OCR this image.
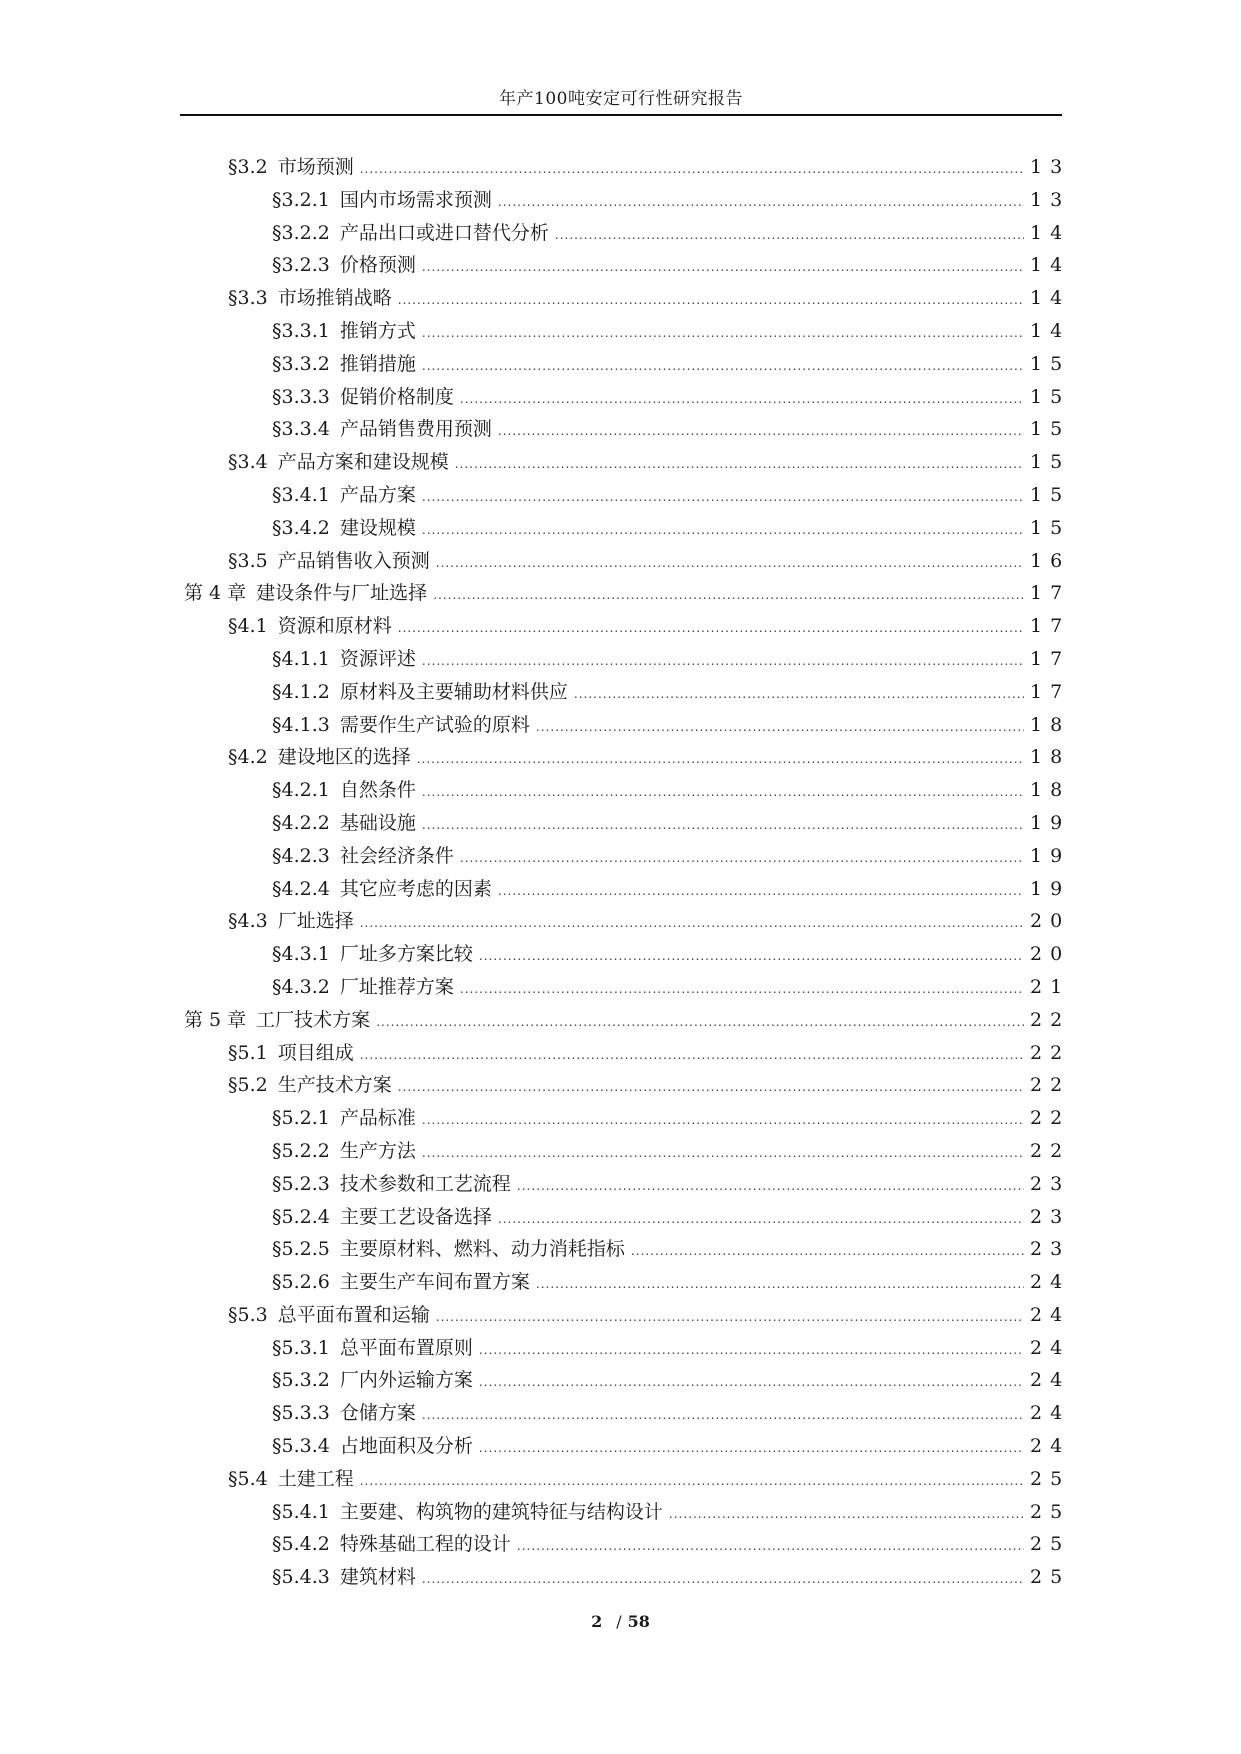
年产100吨安定可行性研究报告
§3.2 市场预测 .....	13
§3.2.1 国内市场需求预测 .....	13
§3.2.2 产品出口或进口替代分析 .....	14
§3.2.3 价格预测 .....	14
§3.3 市场推销战略 .....	14
§3.3.1 推销方式 .....	14
§3.3.2 推销措施 .....	15
§3.3.3 促销价格制度 .....	15
§3.3.4 产品销售费用预测 .....	15
§3.4 产品方案和建设规模 .....	15
§3.4.1 产品方案 .....	15
§3.4.2 建设规模 .....	15
§3.5 产品销售收入预测 .....	16
第 4 章 建设条件与厂址选择 .....	17
§4.1 资源和原材料 .....	17
§4.1.1 资源评述 .....	17
§4.1.2 原材料及主要辅助材料供应 .....	17
§4.1.3 需要作生产试验的原料 .....	18
§4.2 建设地区的选择 .....	18
§4.2.1 自然条件 .....	18
§4.2.2 基础设施 .....	19
§4.2.3 社会经济条件 .....	19
§4.2.4 其它应考虑的因素 .....	19
§4.3 厂址选择 .....	20
§4.3.1 厂址多方案比较 .....	20
§4.3.2 厂址推荐方案 .....	21
第 5 章 工厂技术方案 .....	22
§5.1 项目组成 .....	22
§5.2 生产技术方案 .....	22
§5.2.1 产品标准 .....	22
§5.2.2 生产方法 .....	22
§5.2.3 技术参数和工艺流程 .....	23
§5.2.4 主要工艺设备选择 .....	23
§5.2.5 主要原材料、燃料、动力消耗指标 .....	23
§5.2.6 主要生产车间布置方案 .....	24
§5.3 总平面布置和运输 .....	24
§5.3.1 总平面布置原则 .....	24
§5.3.2 厂内外运输方案 .....	24
§5.3.3 仓储方案 .....	24
§5.3.4 占地面积及分析 .....	24
§5.4 土建工程 .....	25
§5.4.1 主要建、构筑物的建筑特征与结构设计 .....	25
§5.4.2 特殊基础工程的设计 .....	25
§5.4.3 建筑材料 .....	25
2 / 58
